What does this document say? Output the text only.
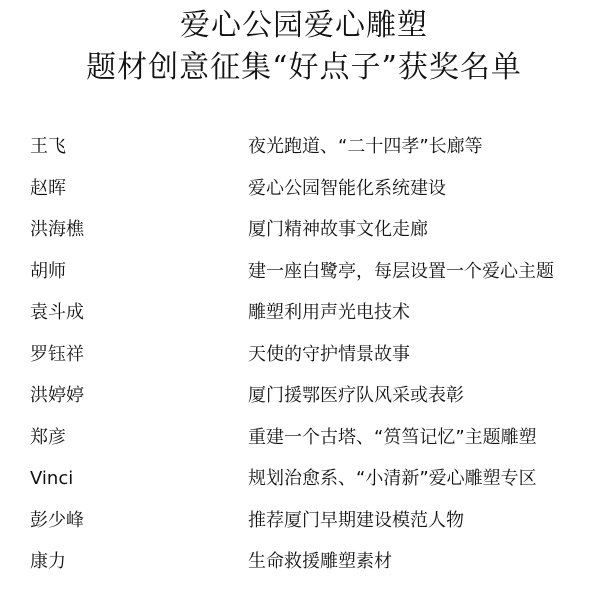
爱心公园爱心雕塑
题材创意征集“好点子”获奖名单
王飞	夜光跑道、“二十四孝”长廊等
赵晖	爱心公园智能化系统建设
洪海樵	厦门精神故事文化走廊
胡师	建一座白鹭亭，每层设置一个爱心主题
袁斗成	雕塑利用声光电技术
罗钰祥	天使的守护情景故事
洪婷婷	厦门援鄂医疗队风采或表彰
郑彦	重建一个古塔、“筼筜记忆”主题雕塑
Vinci	规划治愈系、“小清新”爱心雕塑专区
彭少峰	推荐厦门早期建设模范人物
康力	生命救援雕塑素材
